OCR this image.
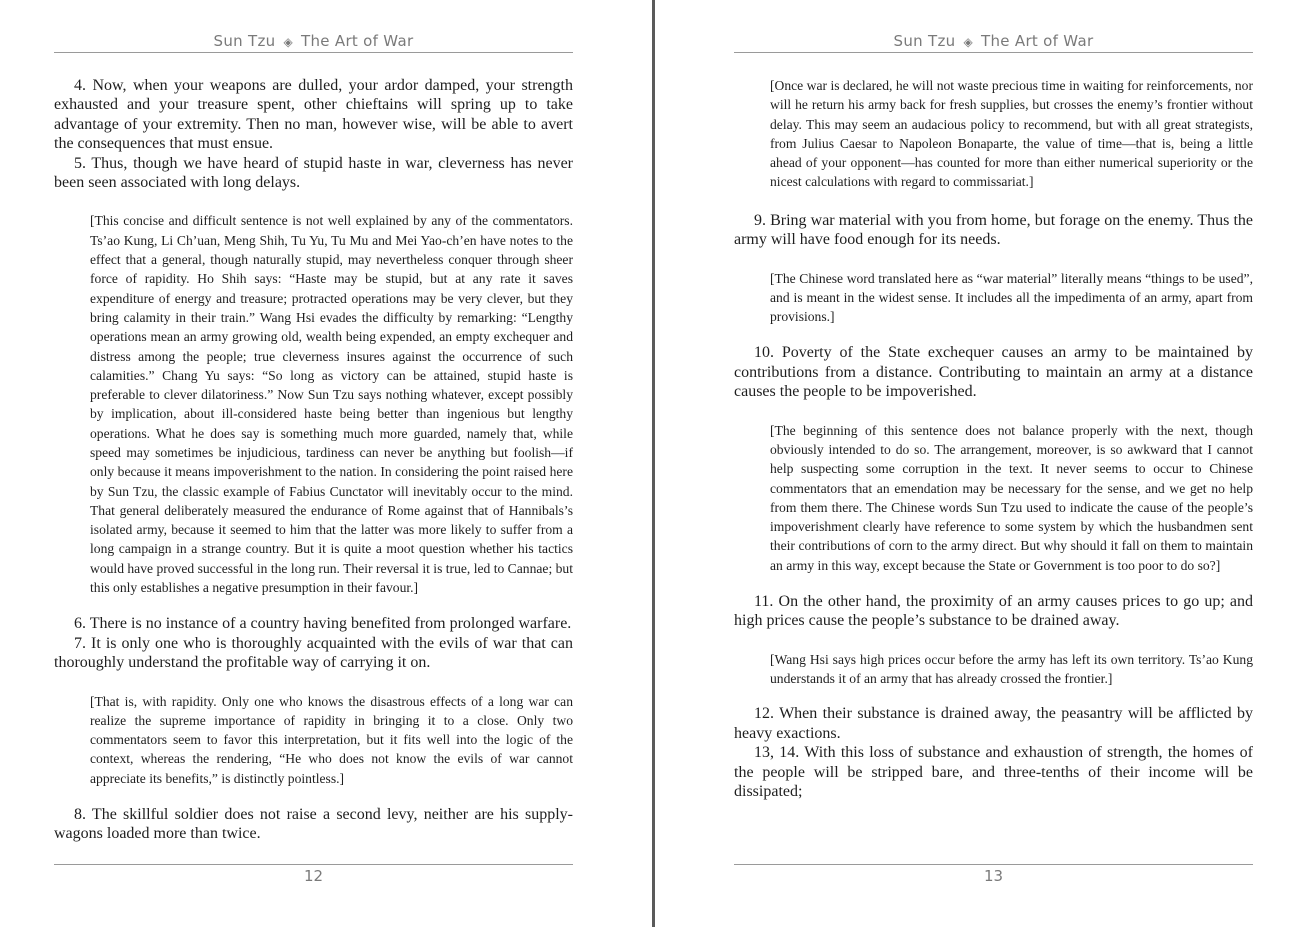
Sun Tzu ◈ The Art of War

4. Now, when your weapons are dulled, your ardor damped, your strength exhausted and your treasure spent, other chieftains will spring up to take advantage of your extremity. Then no man, however wise, will be able to avert the consequences that must ensue.

5. Thus, though we have heard of stupid haste in war, cleverness has never been seen associated with long delays.

[This concise and difficult sentence is not well explained by any of the commentators. Ts’ao Kung, Li Ch’uan, Meng Shih, Tu Yu, Tu Mu and Mei Yao-ch’en have notes to the effect that a general, though naturally stupid, may nevertheless conquer through sheer force of rapidity. Ho Shih says: “Haste may be stupid, but at any rate it saves expenditure of energy and treasure; protracted operations may be very clever, but they bring calamity in their train.” Wang Hsi evades the difficulty by remarking: “Lengthy operations mean an army growing old, wealth being expended, an empty exchequer and distress among the people; true cleverness insures against the occurrence of such calamities.” Chang Yu says: “So long as victory can be attained, stupid haste is preferable to clever dilatoriness.” Now Sun Tzu says nothing whatever, except possibly by implication, about ill-considered haste being better than ingenious but lengthy operations. What he does say is something much more guarded, namely that, while speed may sometimes be injudicious, tardiness can never be anything but foolish—if only because it means impoverishment to the nation. In considering the point raised here by Sun Tzu, the classic example of Fabius Cunctator will inevitably occur to the mind. That general deliberately measured the endurance of Rome against that of Hannibals’s isolated army, because it seemed to him that the latter was more likely to suffer from a long campaign in a strange country. But it is quite a moot question whether his tactics would have proved successful in the long run. Their reversal it is true, led to Cannae; but this only establishes a negative presumption in their favour.]

6. There is no instance of a country having benefited from prolonged warfare.

7. It is only one who is thoroughly acquainted with the evils of war that can thoroughly understand the profitable way of carrying it on.

[That is, with rapidity. Only one who knows the disastrous effects of a long war can realize the supreme importance of rapidity in bringing it to a close. Only two commentators seem to favor this interpretation, but it fits well into the logic of the context, whereas the rendering, “He who does not know the evils of war cannot appreciate its benefits,” is distinctly pointless.]

8. The skillful soldier does not raise a second levy, neither are his supply-wagons loaded more than twice.

12
Sun Tzu ◈ The Art of War

[Once war is declared, he will not waste precious time in waiting for reinforcements, nor will he return his army back for fresh supplies, but crosses the enemy’s frontier without delay. This may seem an audacious policy to recommend, but with all great strategists, from Julius Caesar to Napoleon Bonaparte, the value of time—that is, being a little ahead of your opponent—has counted for more than either numerical superiority or the nicest calculations with regard to commissariat.]

9. Bring war material with you from home, but forage on the enemy. Thus the army will have food enough for its needs.

[The Chinese word translated here as “war material” literally means “things to be used”, and is meant in the widest sense. It includes all the impedimenta of an army, apart from provisions.]

10. Poverty of the State exchequer causes an army to be maintained by contributions from a distance. Contributing to maintain an army at a distance causes the people to be impoverished.

[The beginning of this sentence does not balance properly with the next, though obviously intended to do so. The arrangement, moreover, is so awkward that I cannot help suspecting some corruption in the text. It never seems to occur to Chinese commentators that an emendation may be necessary for the sense, and we get no help from them there. The Chinese words Sun Tzu used to indicate the cause of the people’s impoverishment clearly have reference to some system by which the husbandmen sent their contributions of corn to the army direct. But why should it fall on them to maintain an army in this way, except because the State or Government is too poor to do so?]

11. On the other hand, the proximity of an army causes prices to go up; and high prices cause the people’s substance to be drained away.

[Wang Hsi says high prices occur before the army has left its own territory. Ts’ao Kung understands it of an army that has already crossed the frontier.]

12. When their substance is drained away, the peasantry will be afflicted by heavy exactions.

13, 14. With this loss of substance and exhaustion of strength, the homes of the people will be stripped bare, and three-tenths of their income will be dissipated;

13
